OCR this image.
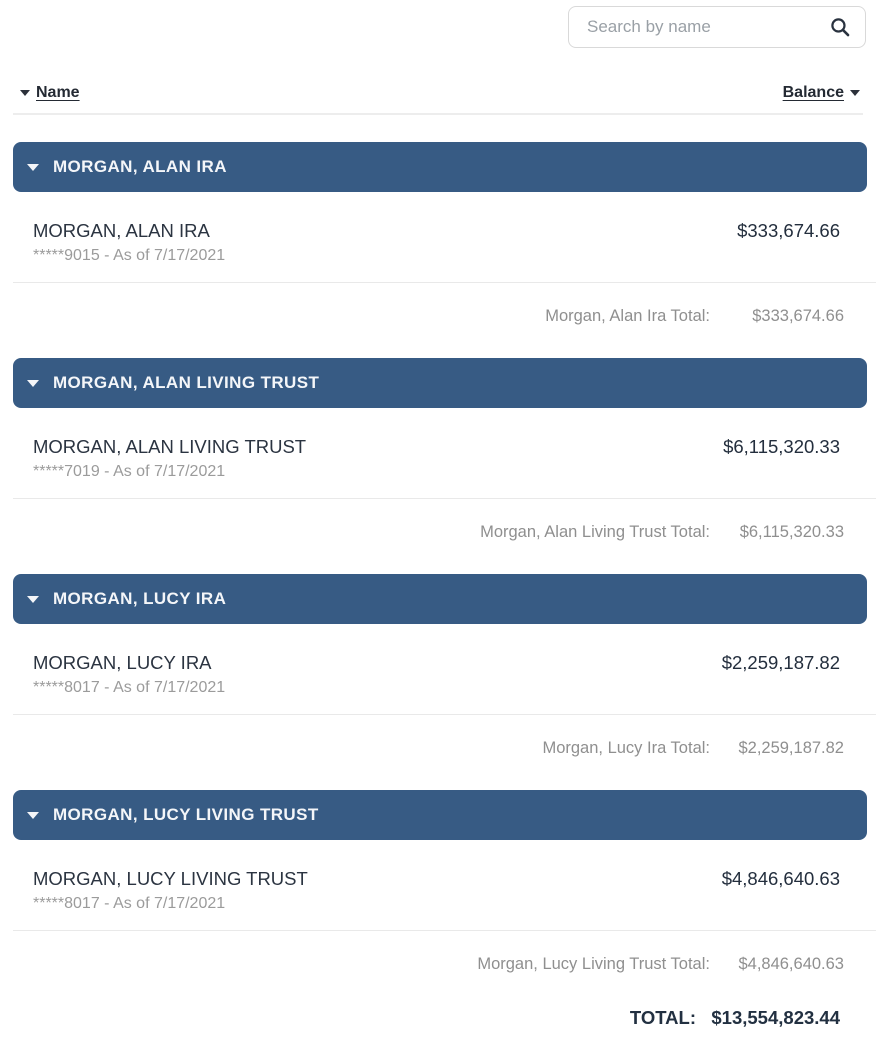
Search by name
Name	Balance
MORGAN, ALAN IRA
MORGAN, ALAN IRA
*****9015 - As of 7/17/2021
$333,674.66
Morgan, Alan Ira Total:	$333,674.66
MORGAN, ALAN LIVING TRUST
MORGAN, ALAN LIVING TRUST
*****7019 - As of 7/17/2021
$6,115,320.33
Morgan, Alan Living Trust Total:	$6,115,320.33
MORGAN, LUCY IRA
MORGAN, LUCY IRA
*****8017 - As of 7/17/2021
$2,259,187.82
Morgan, Lucy Ira Total:	$2,259,187.82
MORGAN, LUCY LIVING TRUST
MORGAN, LUCY LIVING TRUST
*****8017 - As of 7/17/2021
$4,846,640.63
Morgan, Lucy Living Trust Total:	$4,846,640.63
TOTAL: $13,554,823.44
